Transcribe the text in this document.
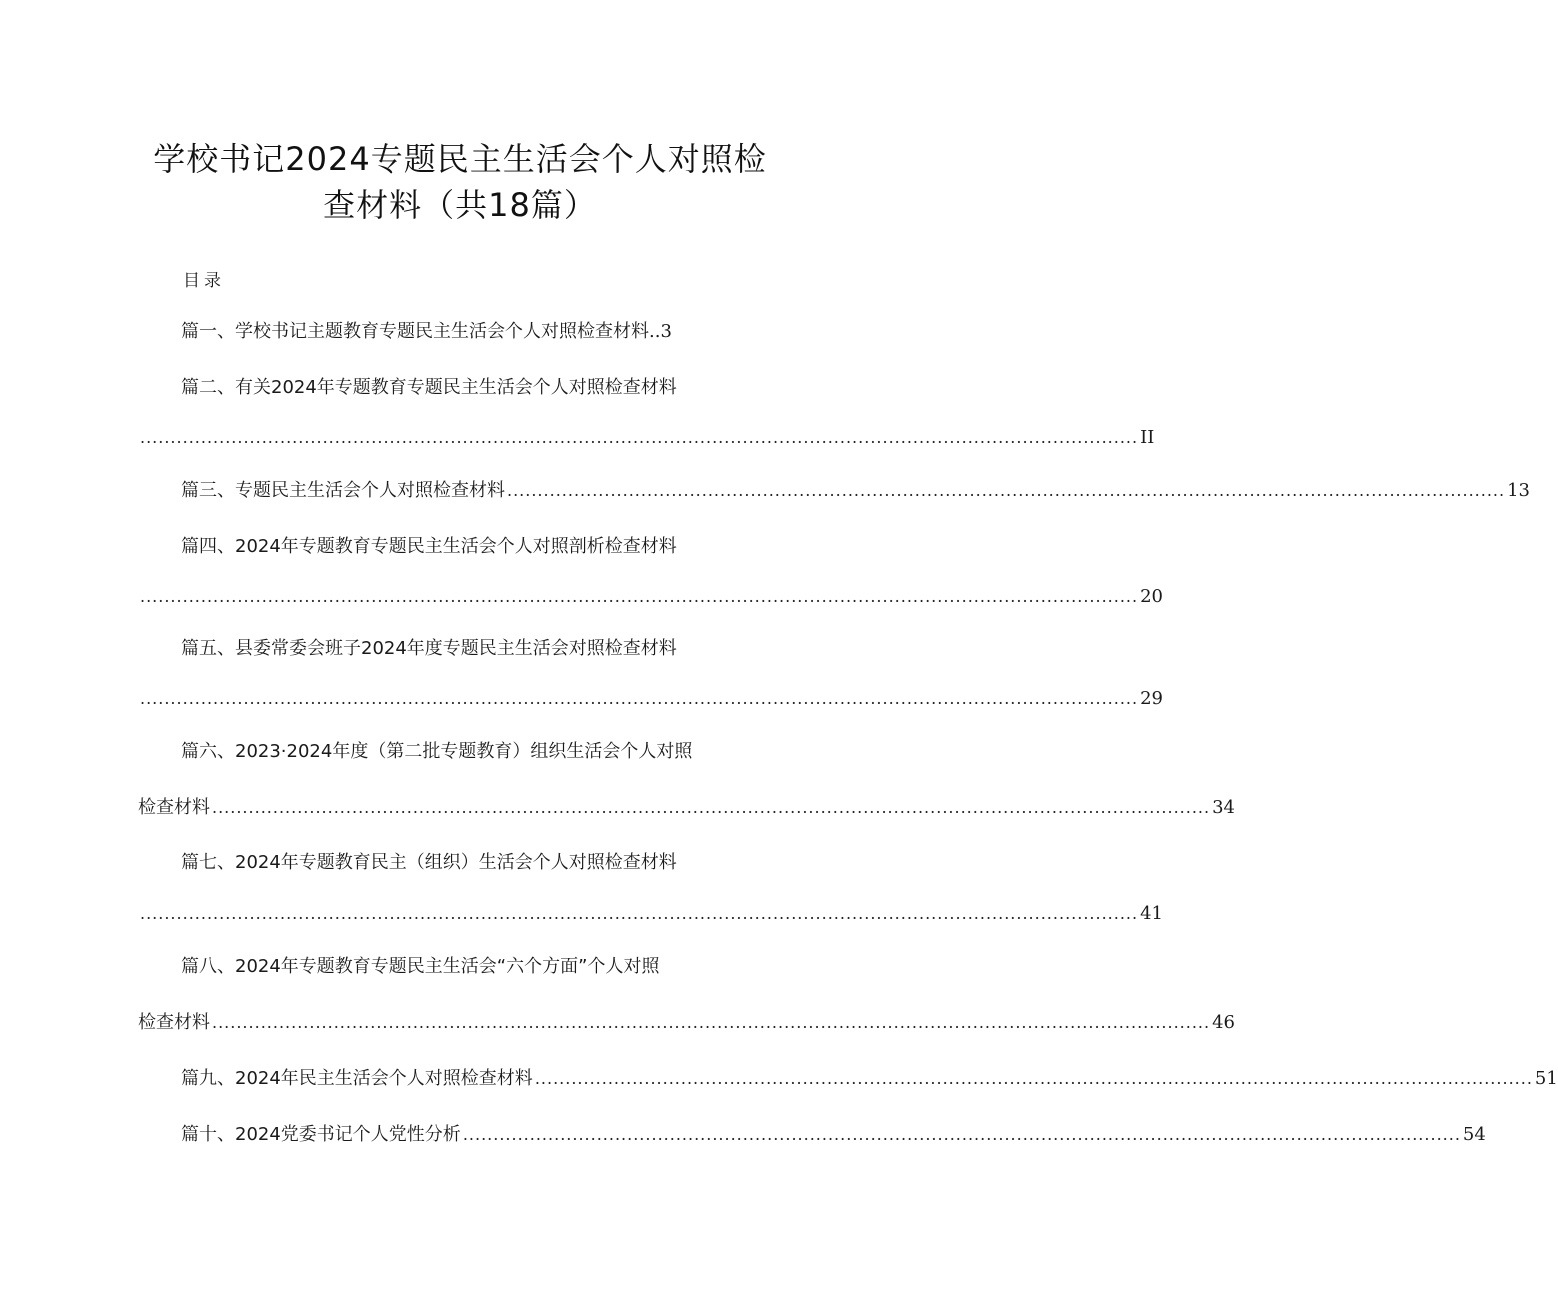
学校书记2024专题民主生活会个人对照检
查材料（共18篇）
目录
篇一、学校书记主题教育专题民主生活会个人对照检查材料 ..3
篇二、有关2024年专题教育专题民主生活会个人对照检查材料
.................................................................................................................................................................... II
篇三、专题民主生活会个人对照检查材料 .................................................................................................................................................................... 13
篇四、2024年专题教育专题民主生活会个人对照剖析检查材料
.................................................................................................................................................................... 20
篇五、县委常委会班子2024年度专题民主生活会对照检查材料
.................................................................................................................................................................... 29
篇六、2023·2024年度（第二批专题教育）组织生活会个人对照
检查材料 .................................................................................................................................................................... 34
篇七、2024年专题教育民主（组织）生活会个人对照检查材料
.................................................................................................................................................................... 41
篇八、2024年专题教育专题民主生活会“六个方面”个人对照
检查材料 .................................................................................................................................................................... 46
篇九、2024年民主生活会个人对照检查材料 .................................................................................................................................................................... 51
篇十、2024党委书记个人党性分析 .................................................................................................................................................................... 54
